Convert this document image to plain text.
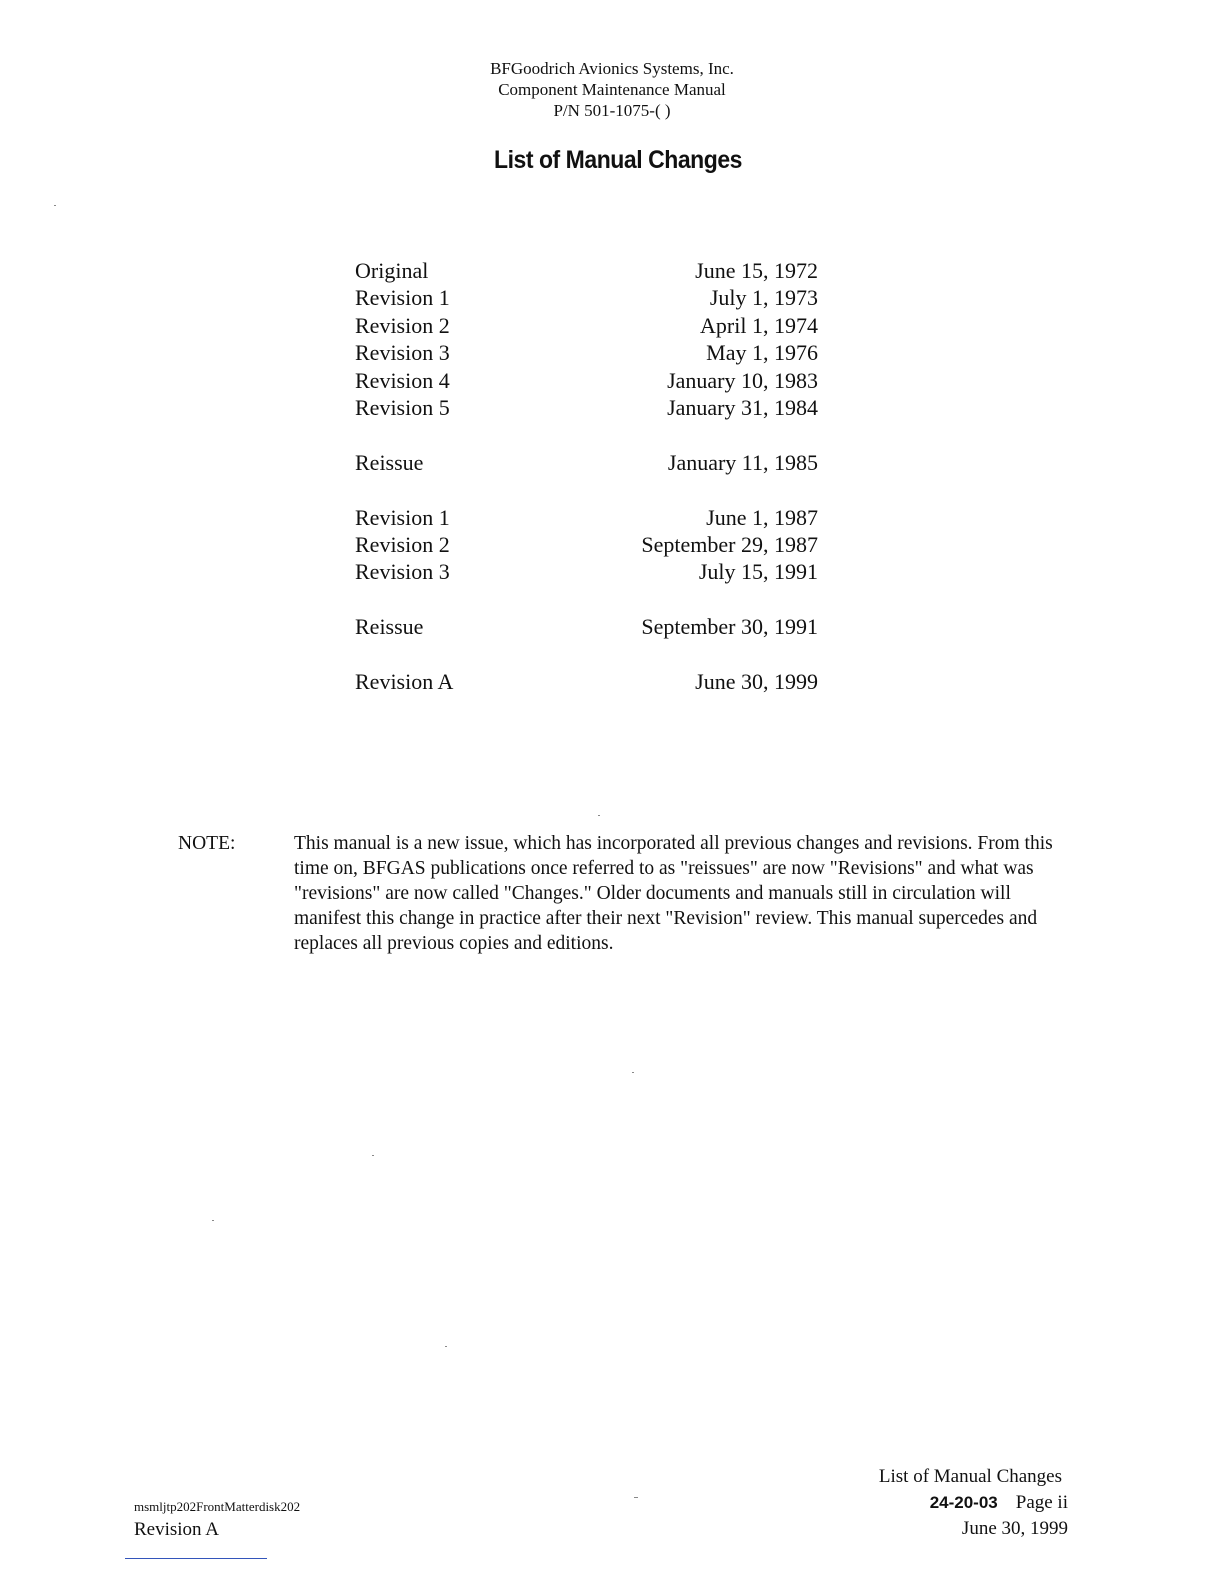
BFGoodrich Avionics Systems, Inc.
Component Maintenance Manual
P/N 501-1075-( )
List of Manual Changes
Original	June 15, 1972
Revision 1	July 1, 1973
Revision 2	April 1, 1974
Revision 3	May 1, 1976
Revision 4	January 10, 1983
Revision 5	January 31, 1984
Reissue	January 11, 1985
Revision 1	June 1, 1987
Revision 2	September 29, 1987
Revision 3	July 15, 1991
Reissue	September 30, 1991
Revision A	June 30, 1999
NOTE:	This manual is a new issue, which has incorporated all previous changes and revisions. From this time on, BFGAS publications once referred to as "reissues" are now "Revisions" and what was "revisions" are now called "Changes." Older documents and manuals still in circulation will manifest this change in practice after their next "Revision" review. This manual supercedes and replaces all previous copies and editions.
msmljtp202FrontMatterdisk202
Revision A
List of Manual Changes
24-20-03 Page ii
June 30, 1999
